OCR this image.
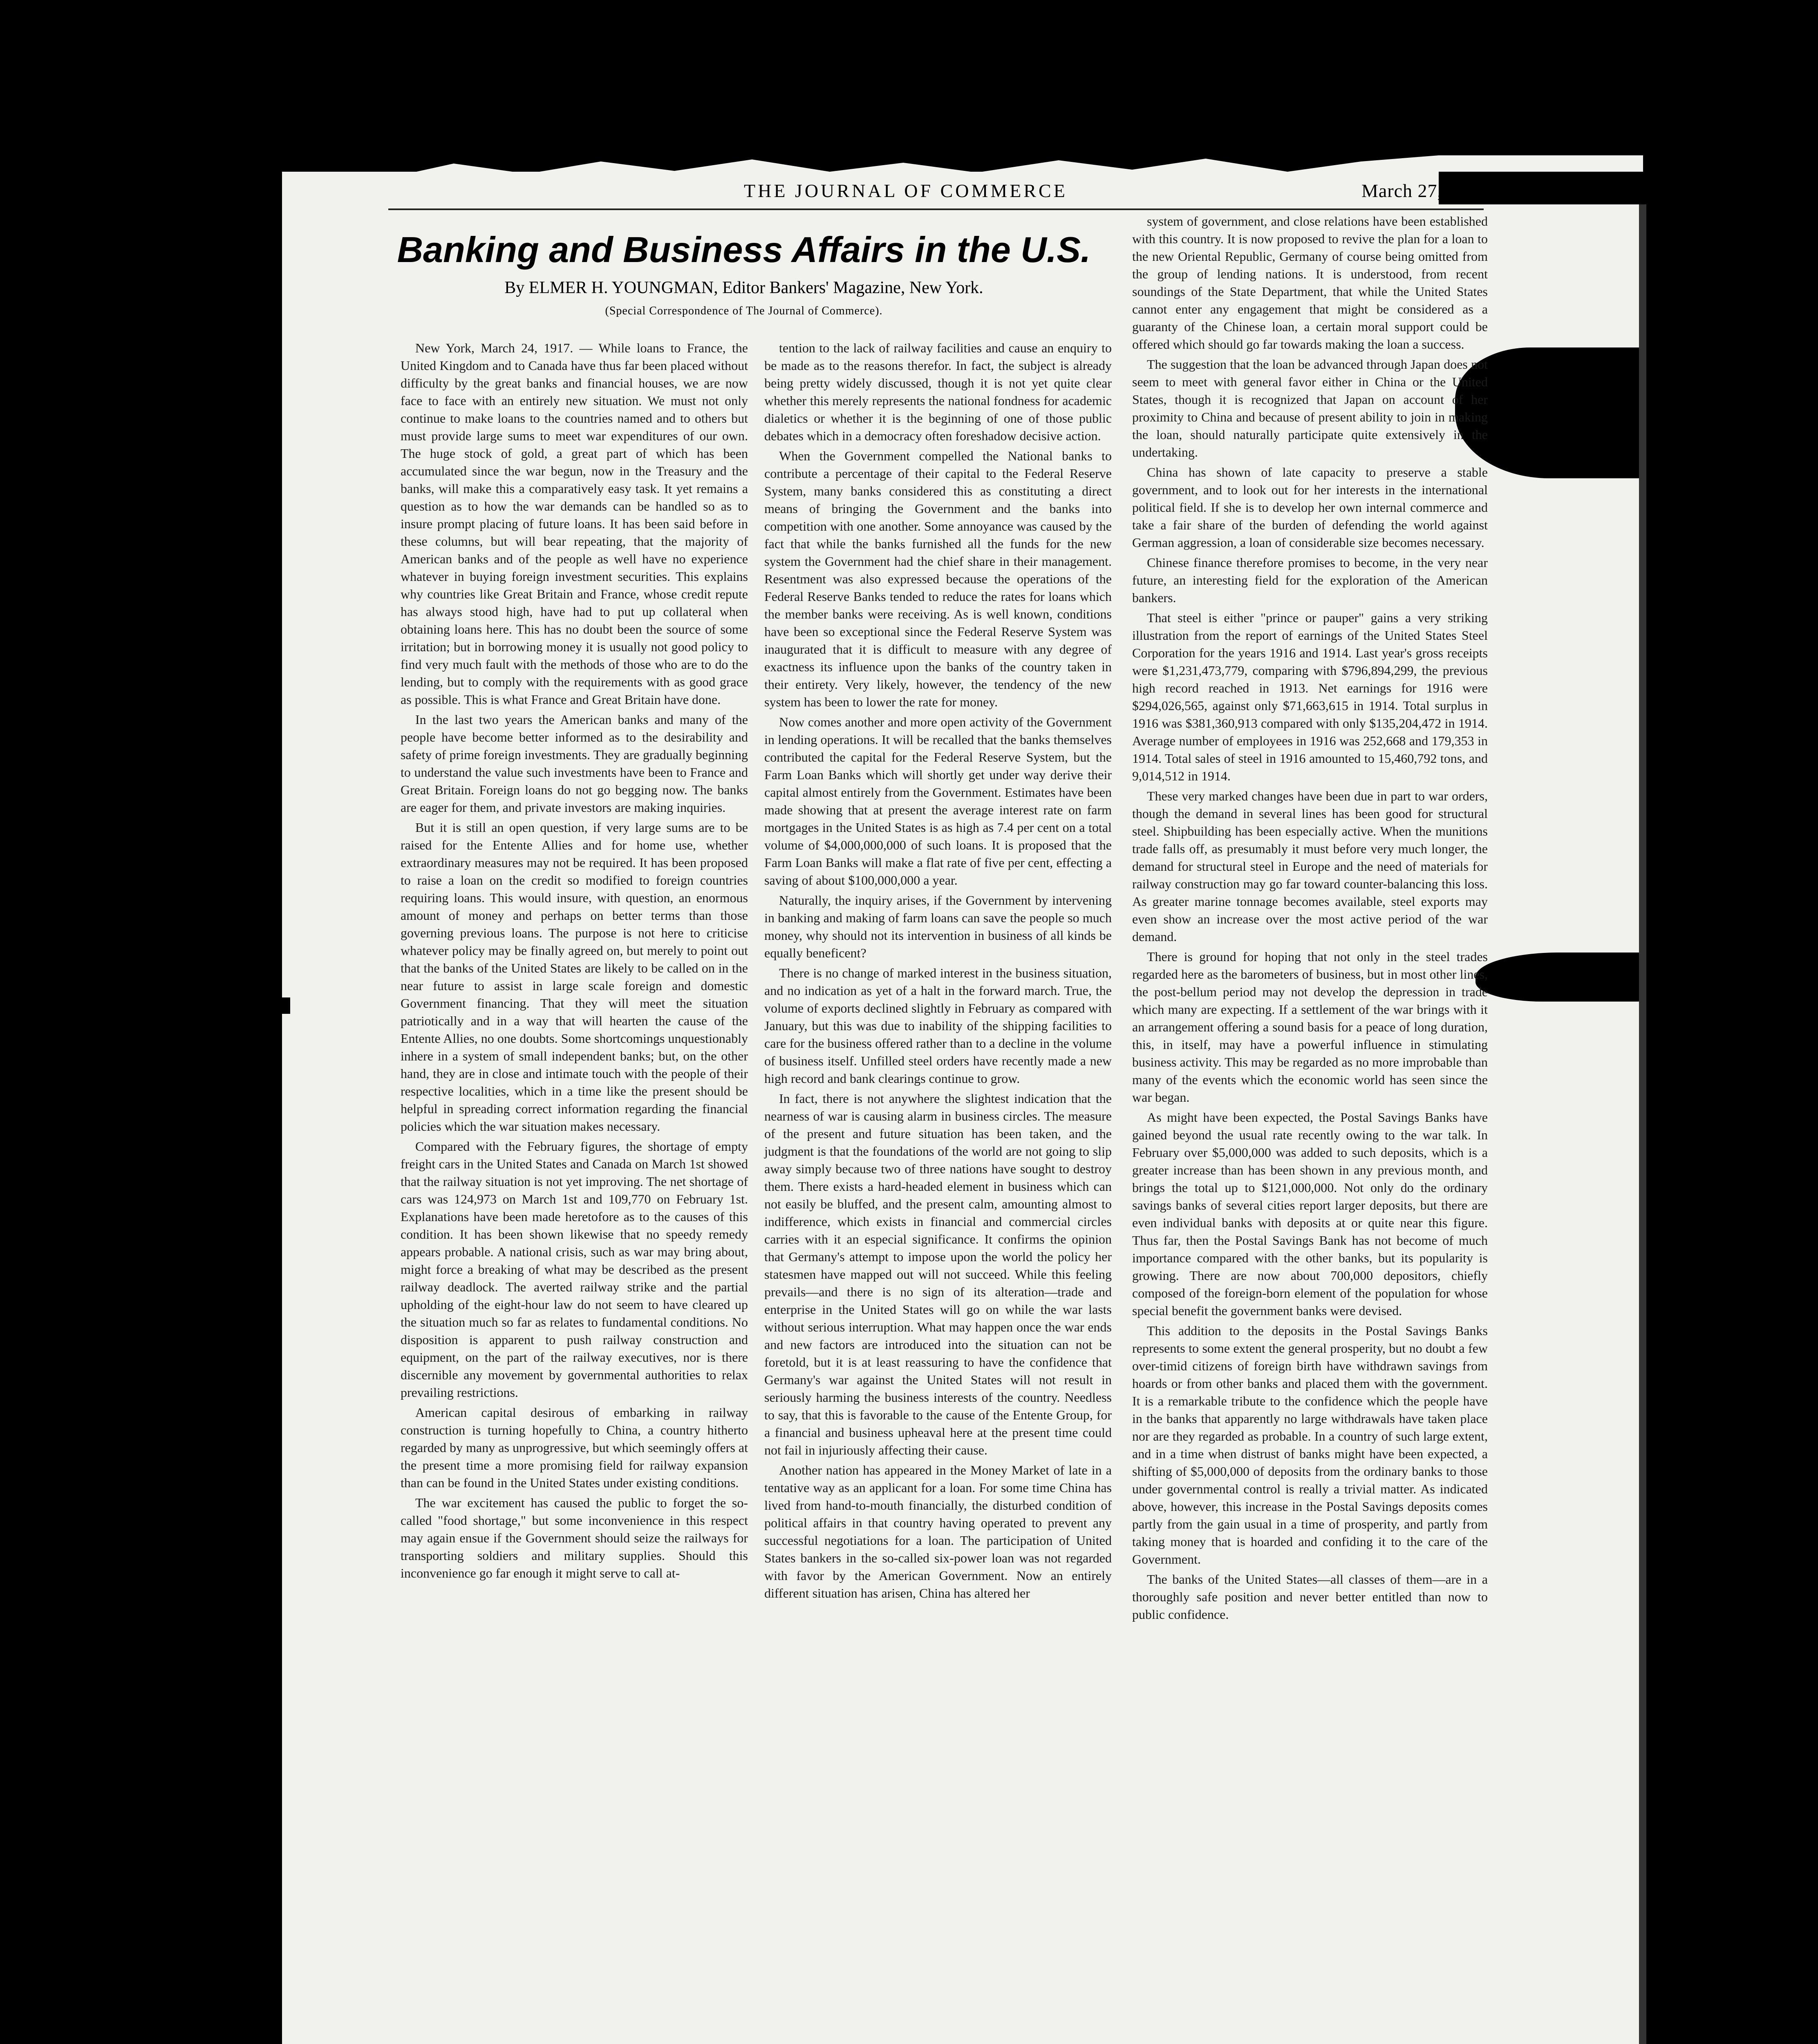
THE JOURNAL OF COMMERCE	March 27, 1917.
Banking and Business Affairs in the U.S.
By ELMER H. YOUNGMAN, Editor Bankers' Magazine, New York.
(Special Correspondence of The Journal of Commerce).

New York, March 24, 1917. — While loans to France, the United Kingdom and to Canada have thus far been placed without difficulty by the great banks and financial houses, we are now face to face with an entirely new situation. We must not only continue to make loans to the countries named and to others but must provide large sums to meet war expenditures of our own. The huge stock of gold, a great part of which has been accumulated since the war begun, now in the Treasury and the banks, will make this a comparatively easy task. It yet remains a question as to how the war demands can be handled so as to insure prompt placing of future loans. It has been said before in these columns, but will bear repeating, that the majority of American banks and of the people as well have no experience whatever in buying foreign investment securities. This explains why countries like Great Britain and France, whose credit repute has always stood high, have had to put up collateral when obtaining loans here. This has no doubt been the source of some irritation; but in borrowing money it is usually not good policy to find very much fault with the methods of those who are to do the lending, but to comply with the requirements with as good grace as possible. This is what France and Great Britain have done.

In the last two years the American banks and many of the people have become better informed as to the desirability and safety of prime foreign investments. They are gradually beginning to understand the value such investments have been to France and Great Britain. Foreign loans do not go begging now. The banks are eager for them, and private investors are making inquiries.

But it is still an open question, if very large sums are to be raised for the Entente Allies and for home use, whether extraordinary measures may not be required. It has been proposed to raise a loan on the credit so modified to foreign countries requiring loans. This would insure, with question, an enormous amount of money and perhaps on better terms than those governing previous loans. The purpose is not here to criticise whatever policy may be finally agreed on, but merely to point out that the banks of the United States are likely to be called on in the near future to assist in large scale foreign and domestic Government financing. That they will meet the situation patriotically and in a way that will hearten the cause of the Entente Allies, no one doubts. Some shortcomings unquestionably inhere in a system of small independent banks; but, on the other hand, they are in close and intimate touch with the people of their respective localities, which in a time like the present should be helpful in spreading correct information regarding the financial policies which the war situation makes necessary.

Compared with the February figures, the shortage of empty freight cars in the United States and Canada on March 1st showed that the railway situation is not yet improving. The net shortage of cars was 124,973 on March 1st and 109,770 on February 1st. Explanations have been made heretofore as to the causes of this condition. It has been shown likewise that no speedy remedy appears probable. A national crisis, such as war may bring about, might force a breaking of what may be described as the present railway deadlock. The averted railway strike and the partial upholding of the eight-hour law do not seem to have cleared up the situation much so far as relates to fundamental conditions. No disposition is apparent to push railway construction and equipment, on the part of the railway executives, nor is there discernible any movement by governmental authorities to relax prevailing restrictions.

American capital desirous of embarking in railway construction is turning hopefully to China, a country hitherto regarded by many as unprogressive, but which seemingly offers at the present time a more promising field for railway expansion than can be found in the United States under existing conditions.

The war excitement has caused the public to forget the so-called "food shortage," but some inconvenience in this respect may again ensue if the Government should seize the railways for transporting soldiers and military supplies. Should this inconvenience go far enough it might serve to call at-

tention to the lack of railway facilities and cause an enquiry to be made as to the reasons therefor. In fact, the subject is already being pretty widely discussed, though it is not yet quite clear whether this merely represents the national fondness for academic dialetics or whether it is the beginning of one of those public debates which in a democracy often foreshadow decisive action.

When the Government compelled the National banks to contribute a percentage of their capital to the Federal Reserve System, many banks considered this as constituting a direct means of bringing the Government and the banks into competition with one another. Some annoyance was caused by the fact that while the banks furnished all the funds for the new system the Government had the chief share in their management. Resentment was also expressed because the operations of the Federal Reserve Banks tended to reduce the rates for loans which the member banks were receiving. As is well known, conditions have been so exceptional since the Federal Reserve System was inaugurated that it is difficult to measure with any degree of exactness its influence upon the banks of the country taken in their entirety. Very likely, however, the tendency of the new system has been to lower the rate for money.

Now comes another and more open activity of the Government in lending operations. It will be recalled that the banks themselves contributed the capital for the Federal Reserve System, but the Farm Loan Banks which will shortly get under way derive their capital almost entirely from the Government. Estimates have been made showing that at present the average interest rate on farm mortgages in the United States is as high as 7.4 per cent on a total volume of $4,000,000,000 of such loans. It is proposed that the Farm Loan Banks will make a flat rate of five per cent, effecting a saving of about $100,000,000 a year.

Naturally, the inquiry arises, if the Government by intervening in banking and making of farm loans can save the people so much money, why should not its intervention in business of all kinds be equally beneficent?

There is no change of marked interest in the business situation, and no indication as yet of a halt in the forward march. True, the volume of exports declined slightly in February as compared with January, but this was due to inability of the shipping facilities to care for the business offered rather than to a decline in the volume of business itself. Unfilled steel orders have recently made a new high record and bank clearings continue to grow.

In fact, there is not anywhere the slightest indication that the nearness of war is causing alarm in business circles. The measure of the present and future situation has been taken, and the judgment is that the foundations of the world are not going to slip away simply because two of three nations have sought to destroy them. There exists a hard-headed element in business which can not easily be bluffed, and the present calm, amounting almost to indifference, which exists in financial and commercial circles carries with it an especial significance. It confirms the opinion that Germany's attempt to impose upon the world the policy her statesmen have mapped out will not succeed. While this feeling prevails—and there is no sign of its alteration—trade and enterprise in the United States will go on while the war lasts without serious interruption. What may happen once the war ends and new factors are introduced into the situation can not be foretold, but it is at least reassuring to have the confidence that Germany's war against the United States will not result in seriously harming the business interests of the country. Needless to say, that this is favorable to the cause of the Entente Group, for a financial and business upheaval here at the present time could not fail in injuriously affecting their cause.

Another nation has appeared in the Money Market of late in a tentative way as an applicant for a loan. For some time China has lived from hand-to-mouth financially, the disturbed condition of political affairs in that country having operated to prevent any successful negotiations for a loan. The participation of United States bankers in the so-called six-power loan was not regarded with favor by the American Government. Now an entirely different situation has arisen, China has altered her

system of government, and close relations have been established with this country. It is now proposed to revive the plan for a loan to the new Oriental Republic, Germany of course being omitted from the group of lending nations. It is understood, from recent soundings of the State Department, that while the United States cannot enter any engagement that might be considered as a guaranty of the Chinese loan, a certain moral support could be offered which should go far towards making the loan a success.

The suggestion that the loan be advanced through Japan does not seem to meet with general favor either in China or the United States, though it is recognized that Japan on account of her proximity to China and because of present ability to join in making the loan, should naturally participate quite extensively in the undertaking.

China has shown of late capacity to preserve a stable government, and to look out for her interests in the international political field. If she is to develop her own internal commerce and take a fair share of the burden of defending the world against German aggression, a loan of considerable size becomes necessary.

Chinese finance therefore promises to become, in the very near future, an interesting field for the exploration of the American bankers.

That steel is either "prince or pauper" gains a very striking illustration from the report of earnings of the United States Steel Corporation for the years 1916 and 1914. Last year's gross receipts were $1,231,473,779, comparing with $796,894,299, the previous high record reached in 1913. Net earnings for 1916 were $294,026,565, against only $71,663,615 in 1914. Total surplus in 1916 was $381,360,913 compared with only $135,204,472 in 1914. Average number of employees in 1916 was 252,668 and 179,353 in 1914. Total sales of steel in 1916 amounted to 15,460,792 tons, and 9,014,512 in 1914.

These very marked changes have been due in part to war orders, though the demand in several lines has been good for structural steel. Shipbuilding has been especially active. When the munitions trade falls off, as presumably it must before very much longer, the demand for structural steel in Europe and the need of materials for railway construction may go far toward counter-balancing this loss. As greater marine tonnage becomes available, steel exports may even show an increase over the most active period of the war demand.

There is ground for hoping that not only in the steel trades regarded here as the barometers of business, but in most other lines, the post-bellum period may not develop the depression in trade which many are expecting. If a settlement of the war brings with it an arrangement offering a sound basis for a peace of long duration, this, in itself, may have a powerful influence in stimulating business activity. This may be regarded as no more improbable than many of the events which the economic world has seen since the war began.

As might have been expected, the Postal Savings Banks have gained beyond the usual rate recently owing to the war talk. In February over $5,000,000 was added to such deposits, which is a greater increase than has been shown in any previous month, and brings the total up to $121,000,000. Not only do the ordinary savings banks of several cities report larger deposits, but there are even individual banks with deposits at or quite near this figure. Thus far, then the Postal Savings Bank has not become of much importance compared with the other banks, but its popularity is growing. There are now about 700,000 depositors, chiefly composed of the foreign-born element of the population for whose special benefit the government banks were devised.

This addition to the deposits in the Postal Savings Banks represents to some extent the general prosperity, but no doubt a few over-timid citizens of foreign birth have withdrawn savings from hoards or from other banks and placed them with the government. It is a remarkable tribute to the confidence which the people have in the banks that apparently no large withdrawals have taken place nor are they regarded as probable. In a country of such large extent, and in a time when distrust of banks might have been expected, a shifting of $5,000,000 of deposits from the ordinary banks to those under governmental control is really a trivial matter. As indicated above, however, this increase in the Postal Savings deposits comes partly from the gain usual in a time of prosperity, and partly from taking money that is hoarded and confiding it to the care of the Government.

The banks of the United States—all classes of them—are in a thoroughly safe position and never better entitled than now to public confidence.
